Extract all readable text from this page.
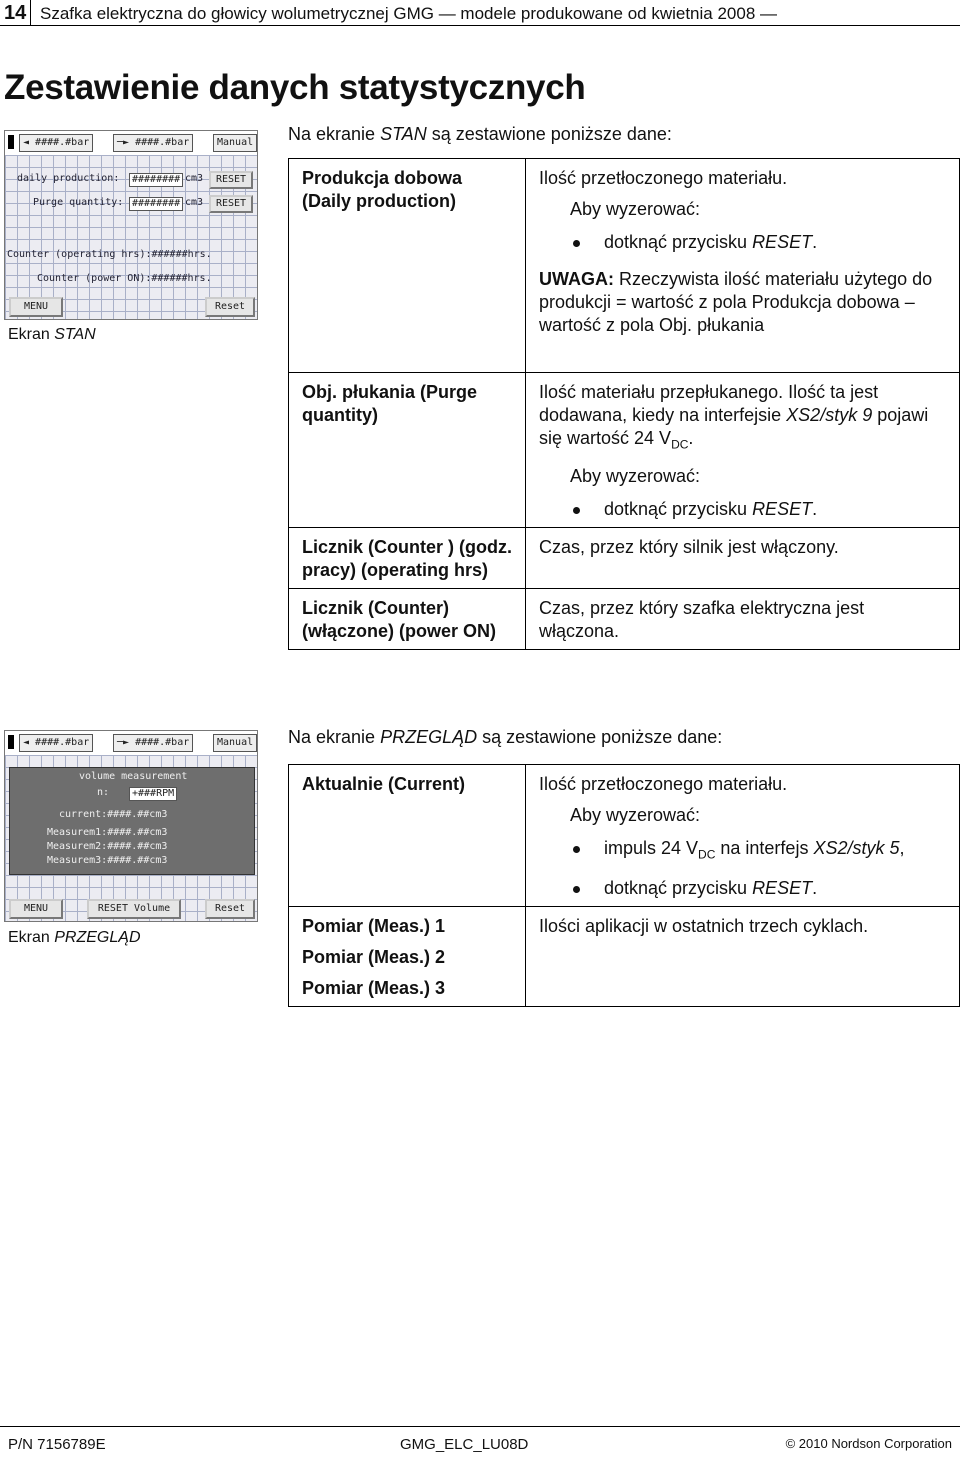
14 Szafka elektryczna do głowicy wolumetrycznej GMG — modele produkowane od kwietnia 2008 —
Zestawienie danych statystycznych
Na ekranie STAN są zestawione poniższe dane:
◄ ####.#bar	─► ####.#bar	Manual
daily production:	######## cm3	RESET
Purge quantity: ######## cm3	RESET
Counter (operating hrs):######hrs.
Counter (power ON):######hrs.
MENU	Reset
Ekran STAN
Produkcja dobowa (Daily production)	Ilość przetłoczonego materiału.
Aby wyzerować:
dotknąć przycisku RESET.
UWAGA: Rzeczywista ilość materiału użytego do produkcji = wartość z pola Produkcja dobowa – wartość z pola Obj. płukania

Obj. płukania (Purge quantity)	Ilość materiału przepłukanego. Ilość ta jest dodawana, kiedy na interfejsie XS2/styk 9 pojawi się wartość 24 $V_{DC}$.
Aby wyzerować:
dotknąć przycisku RESET.

Licznik (Counter ) (godz. pracy) (operating hrs)	Czas, przez który silnik jest włączony.
Licznik (Counter) (włączone) (power ON)	Czas, przez który szafka elektryczna jest włączona.
Na ekranie PRZEGLĄD są zestawione poniższe dane:
◄ ####.#bar	─► ####.#bar	Manual
volume measurement
n:	+###RPM
current:####.##cm3
Measurem1:####.##cm3
Measurem2:####.##cm3
Measurem3:####.##cm3
MENU	RESET Volume	Reset
Ekran PRZEGLĄD
Aktualnie (Current)	Ilość przetłoczonego materiału.
Aby wyzerować:
impuls 24 $V_{DC}$ na interfejs XS2/styk 5,
dotknąć przycisku RESET.

Pomiar (Meas.) 1
Pomiar (Meas.) 2
Pomiar (Meas.) 3	Ilości aplikacji w ostatnich trzech cyklach.
P/N 7156789E	GMG_ELC_LU08D	© 2010 Nordson Corporation
